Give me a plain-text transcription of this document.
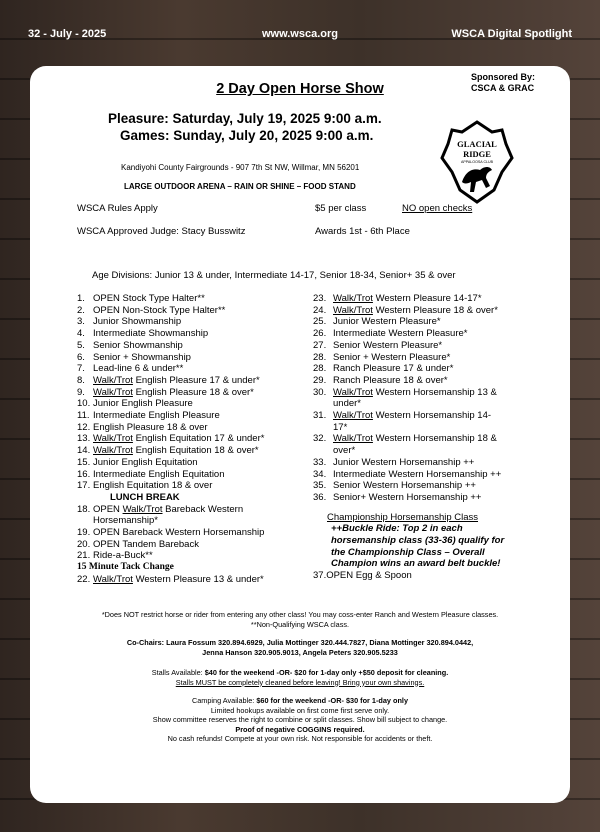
32 - July - 2025	www.wsca.org	WSCA Digital Spotlight
2 Day Open Horse Show
Sponsored By:
CSCA & GRAC
Pleasure: Saturday, July 19, 2025 9:00 a.m.
Games: Sunday, July 20, 2025 9:00 a.m.
GLACIAL
RIDGE
APPALOOSA CLUB
Kandiyohi County Fairgrounds - 907 7th St NW, Willmar, MN 56201
LARGE OUTDOOR ARENA – RAIN OR SHINE – FOOD STAND
WSCA Rules Apply	$5 per class	NO open checks
WSCA Approved Judge: Stacy Busswitz	Awards 1st - 6th Place
Age Divisions: Junior 13 & under, Intermediate 14-17, Senior 18-34, Senior+ 35 & over
1. OPEN Stock Type Halter**
2. OPEN Non-Stock Type Halter**
3. Junior Showmanship
4. Intermediate Showmanship
5. Senior Showmanship
6. Senior + Showmanship
7. Lead-line 6 & under**
8. Walk/Trot English Pleasure 17 & under*
9. Walk/Trot English Pleasure 18 & over*
10. Junior English Pleasure
11. Intermediate English Pleasure
12. English Pleasure 18 & over
13. Walk/Trot English Equitation 17 & under*
14. Walk/Trot English Equitation 18 & over*
15. Junior English Equitation
16. Intermediate English Equitation
17. English Equitation 18 & over
LUNCH BREAK
18. OPEN Walk/Trot Bareback Western
Horsemanship*
19. OPEN Bareback Western Horsemanship
20. OPEN Tandem Bareback
21. Ride-a-Buck**
15 Minute Tack Change
22. Walk/Trot Western Pleasure 13 & under*
23. Walk/Trot Western Pleasure 14-17*
24. Walk/Trot Western Pleasure 18 & over*
25. Junior Western Pleasure*
26. Intermediate Western Pleasure*
27. Senior Western Pleasure*
28. Senior + Western Pleasure*
28. Ranch Pleasure 17 & under*
29. Ranch Pleasure 18 & over*
30. Walk/Trot Western Horsemanship 13 &
under*
31. Walk/Trot Western Horsemanship 14-
17*
32. Walk/Trot Western Horsemanship 18 &
over*
33. Junior Western Horsemanship ++
34. Intermediate Western Horsemanship ++
35. Senior Western Horsemanship ++
36. Senior+ Western Horsemanship ++
Championship Horsemanship Class
++Buckle Ride: Top 2 in each
horsemanship class (33-36) qualify for
the Championship Class – Overall
Champion wins an award belt buckle!
37.OPEN Egg & Spoon
*Does NOT restrict horse or rider from entering any other class! You may coss-enter Ranch and Western Pleasure classes.
**Non-Qualifying WSCA class.
Co-Chairs: Laura Fossum 320.894.6929, Julia Mottinger 320.444.7827, Diana Mottinger 320.894.0442,
Jenna Hanson 320.905.9013, Angela Peters 320.905.5233
Stalls Available: $40 for the weekend -OR- $20 for 1-day only +$50 deposit for cleaning.
Stalls MUST be completely cleaned before leaving! Bring your own shavings.
Camping Available: $60 for the weekend -OR- $30 for 1-day only
Limited hookups available on first come first serve only.
Show committee reserves the right to combine or split classes. Show bill subject to change.
Proof of negative COGGINS required.
No cash refunds! Compete at your own risk. Not responsible for accidents or theft.
